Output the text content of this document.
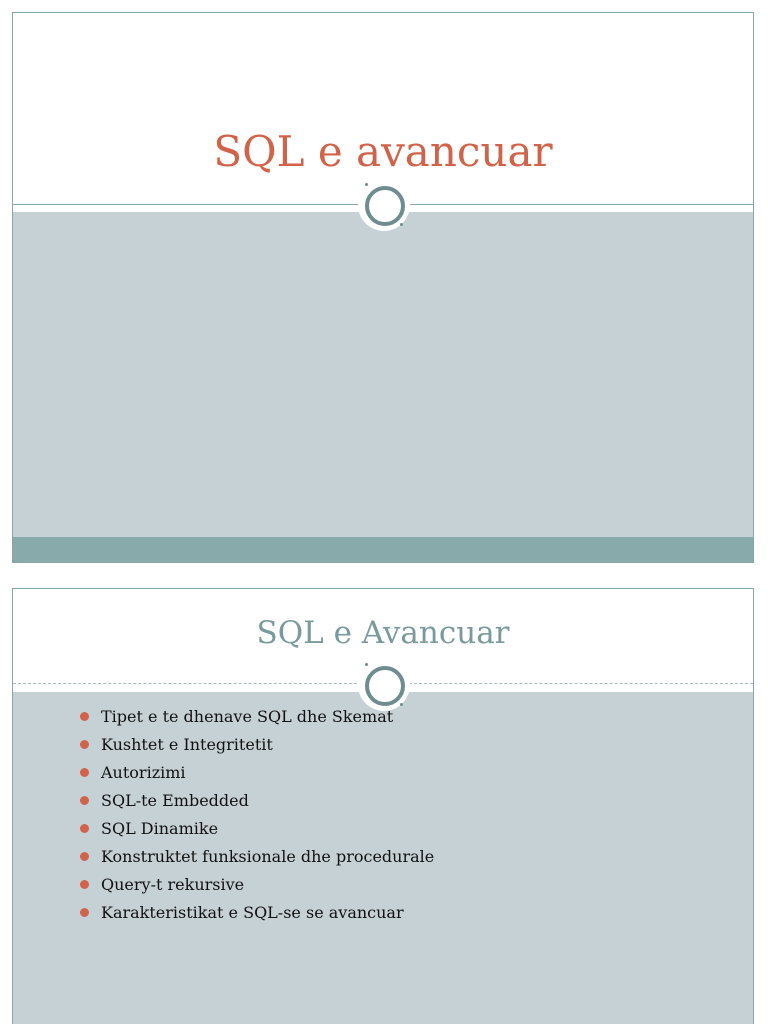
SQL e avancuar
SQL e Avancuar
Tipet e te dhenave SQL dhe Skemat
Kushtet e Integritetit
Autorizimi
SQL-te Embedded
SQL Dinamike
Konstruktet funksionale dhe procedurale
Query-t rekursive
Karakteristikat e SQL-se se avancuar
